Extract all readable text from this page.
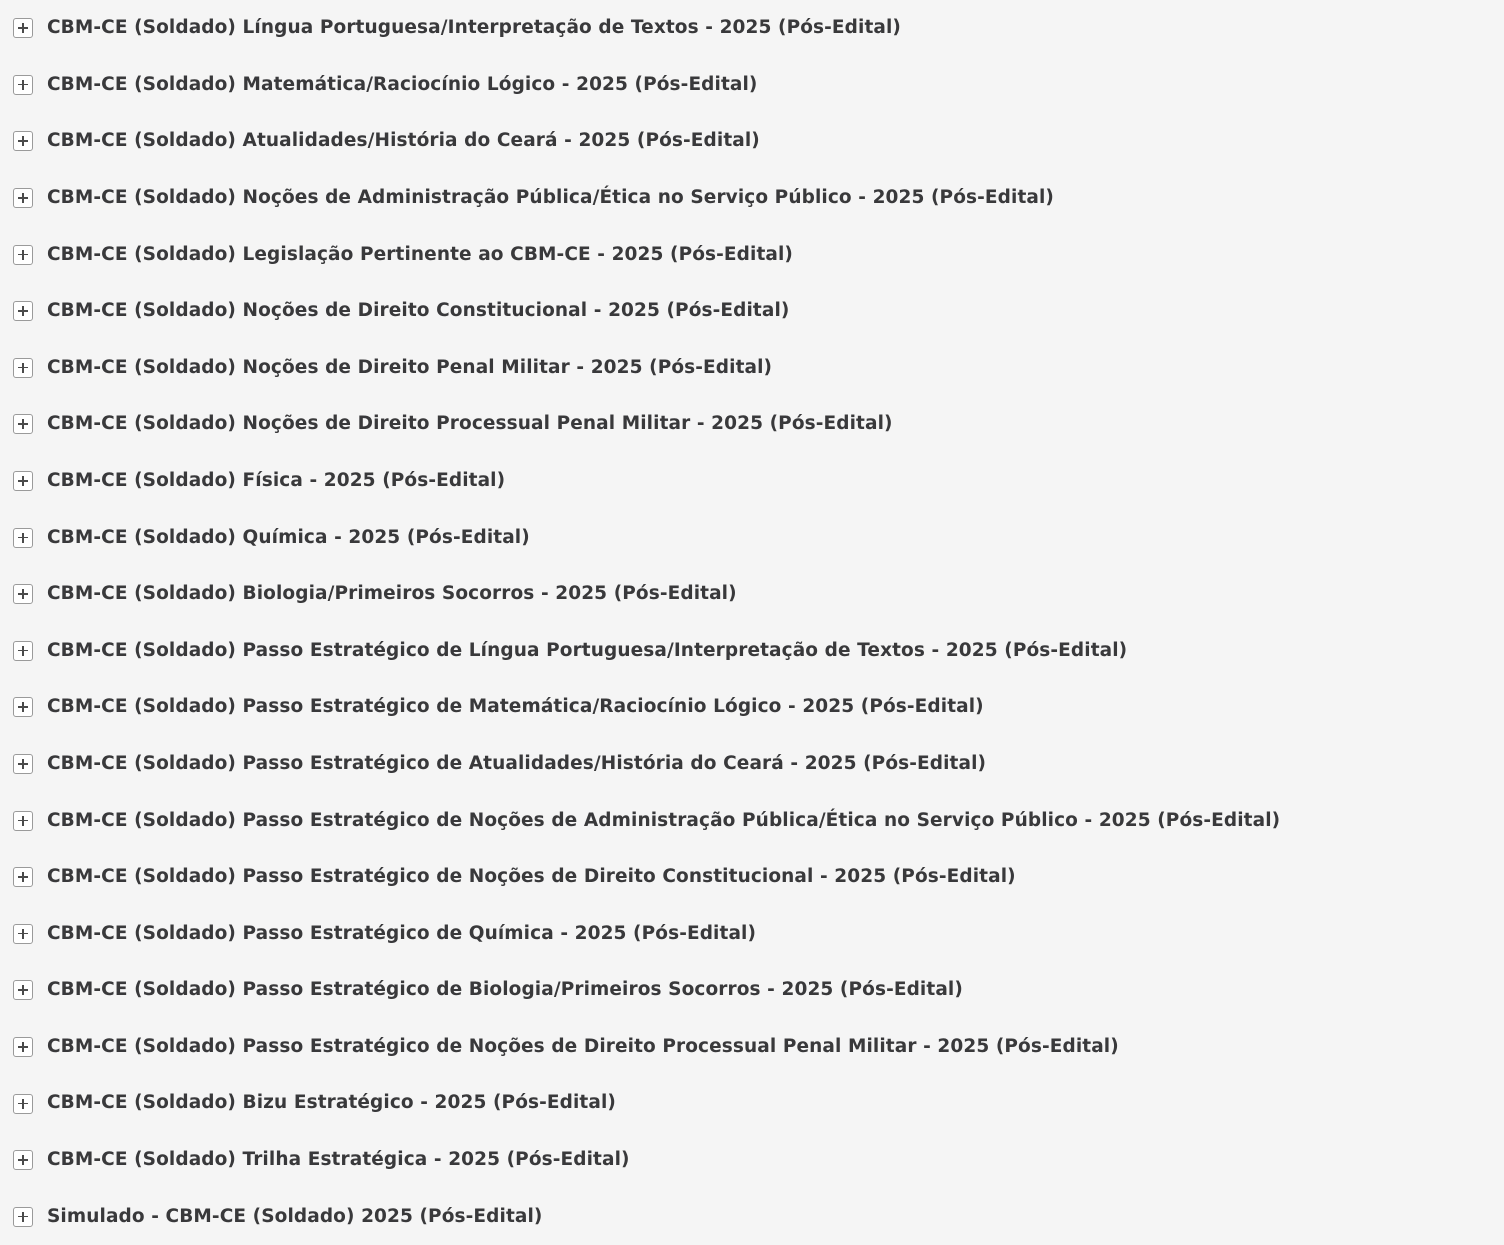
CBM-CE (Soldado) Língua Portuguesa/Interpretação de Textos - 2025 (Pós-Edital)
CBM-CE (Soldado) Matemática/Raciocínio Lógico - 2025 (Pós-Edital)
CBM-CE (Soldado) Atualidades/História do Ceará - 2025 (Pós-Edital)
CBM-CE (Soldado) Noções de Administração Pública/Ética no Serviço Público - 2025 (Pós-Edital)
CBM-CE (Soldado) Legislação Pertinente ao CBM-CE - 2025 (Pós-Edital)
CBM-CE (Soldado) Noções de Direito Constitucional - 2025 (Pós-Edital)
CBM-CE (Soldado) Noções de Direito Penal Militar - 2025 (Pós-Edital)
CBM-CE (Soldado) Noções de Direito Processual Penal Militar - 2025 (Pós-Edital)
CBM-CE (Soldado) Física - 2025 (Pós-Edital)
CBM-CE (Soldado) Química - 2025 (Pós-Edital)
CBM-CE (Soldado) Biologia/Primeiros Socorros - 2025 (Pós-Edital)
CBM-CE (Soldado) Passo Estratégico de Língua Portuguesa/Interpretação de Textos - 2025 (Pós-Edital)
CBM-CE (Soldado) Passo Estratégico de Matemática/Raciocínio Lógico - 2025 (Pós-Edital)
CBM-CE (Soldado) Passo Estratégico de Atualidades/História do Ceará - 2025 (Pós-Edital)
CBM-CE (Soldado) Passo Estratégico de Noções de Administração Pública/Ética no Serviço Público - 2025 (Pós-Edital)
CBM-CE (Soldado) Passo Estratégico de Noções de Direito Constitucional - 2025 (Pós-Edital)
CBM-CE (Soldado) Passo Estratégico de Química - 2025 (Pós-Edital)
CBM-CE (Soldado) Passo Estratégico de Biologia/Primeiros Socorros - 2025 (Pós-Edital)
CBM-CE (Soldado) Passo Estratégico de Noções de Direito Processual Penal Militar - 2025 (Pós-Edital)
CBM-CE (Soldado) Bizu Estratégico - 2025 (Pós-Edital)
CBM-CE (Soldado) Trilha Estratégica - 2025 (Pós-Edital)
Simulado - CBM-CE (Soldado) 2025 (Pós-Edital)
